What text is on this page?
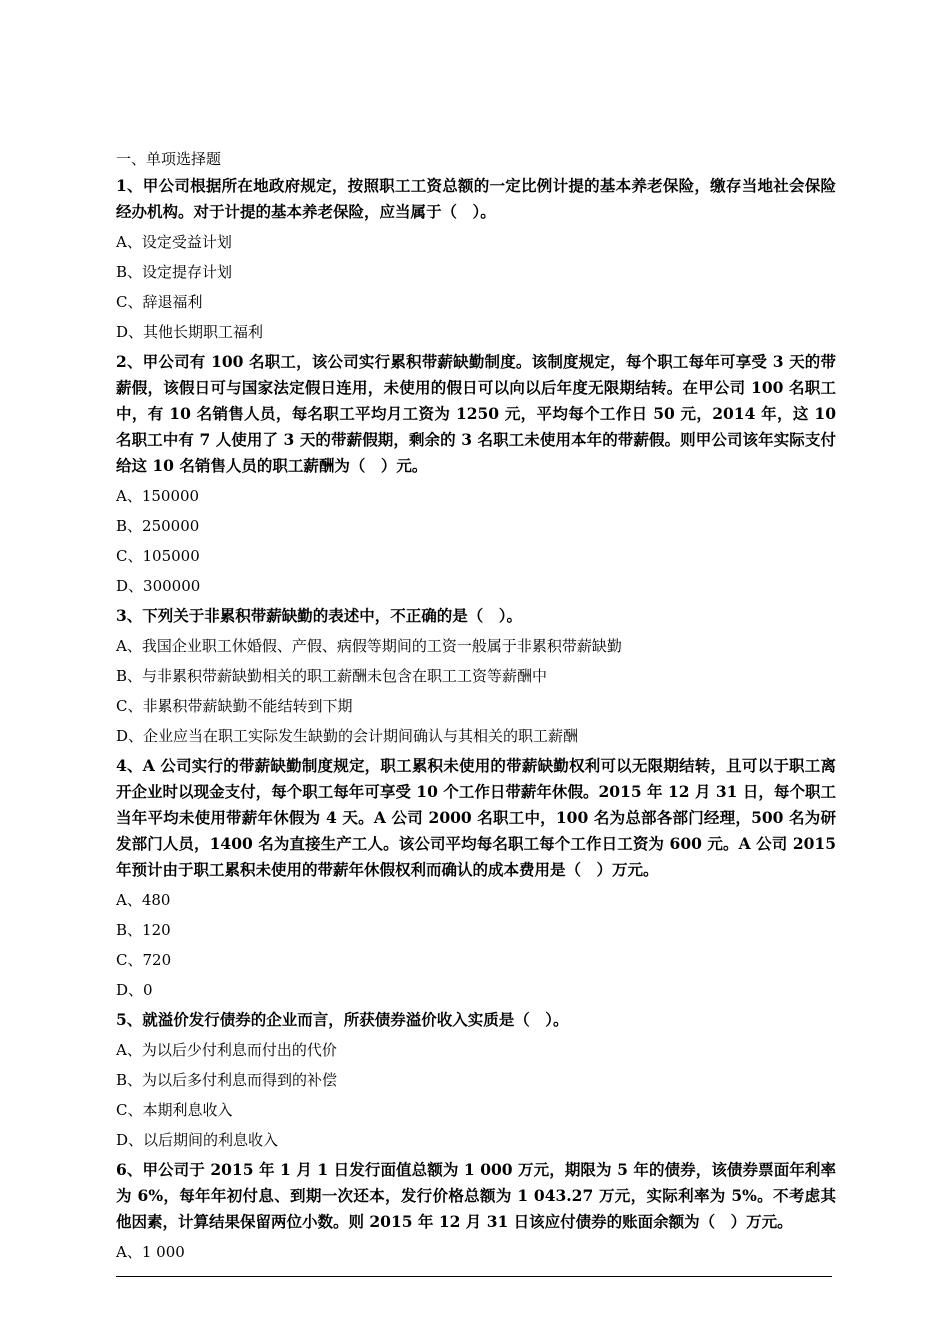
一、单项选择题
1、甲公司根据所在地政府规定，按照职工工资总额的一定比例计提的基本养老保险，缴存当地社会保险经办机构。对于计提的基本养老保险，应当属于（　）。
A、设定受益计划
B、设定提存计划
C、辞退福利
D、其他长期职工福利
2、甲公司有 100 名职工，该公司实行累积带薪缺勤制度。该制度规定，每个职工每年可享受 3 天的带薪假，该假日可与国家法定假日连用，未使用的假日可以向以后年度无限期结转。在甲公司 100 名职工中，有 10 名销售人员，每名职工平均月工资为 1250 元，平均每个工作日 50 元，2014 年，这 10 名职工中有 7 人使用了 3 天的带薪假期，剩余的 3 名职工未使用本年的带薪假。则甲公司该年实际支付给这 10 名销售人员的职工薪酬为（　）元。
A、150000
B、250000
C、105000
D、300000
3、下列关于非累积带薪缺勤的表述中，不正确的是（　）。
A、我国企业职工休婚假、产假、病假等期间的工资一般属于非累积带薪缺勤
B、与非累积带薪缺勤相关的职工薪酬未包含在职工工资等薪酬中
C、非累积带薪缺勤不能结转到下期
D、企业应当在职工实际发生缺勤的会计期间确认与其相关的职工薪酬
4、A 公司实行的带薪缺勤制度规定，职工累积未使用的带薪缺勤权利可以无限期结转，且可以于职工离开企业时以现金支付，每个职工每年可享受 10 个工作日带薪年休假。2015 年 12 月 31 日，每个职工当年平均未使用带薪年休假为 4 天。A 公司 2000 名职工中，100 名为总部各部门经理，500 名为研发部门人员，1400 名为直接生产工人。该公司平均每名职工每个工作日工资为 600 元。A 公司 2015 年预计由于职工累积未使用的带薪年休假权利而确认的成本费用是（　）万元。
A、480
B、120
C、720
D、0
5、就溢价发行债券的企业而言，所获债券溢价收入实质是（　）。
A、为以后少付利息而付出的代价
B、为以后多付利息而得到的补偿
C、本期利息收入
D、以后期间的利息收入
6、甲公司于 2015 年 1 月 1 日发行面值总额为 1 000 万元，期限为 5 年的债券，该债券票面年利率为 6%，每年年初付息、到期一次还本，发行价格总额为 1 043.27 万元，实际利率为 5%。不考虑其他因素，计算结果保留两位小数。则 2015 年 12 月 31 日该应付债券的账面余额为（　）万元。
A、1 000
